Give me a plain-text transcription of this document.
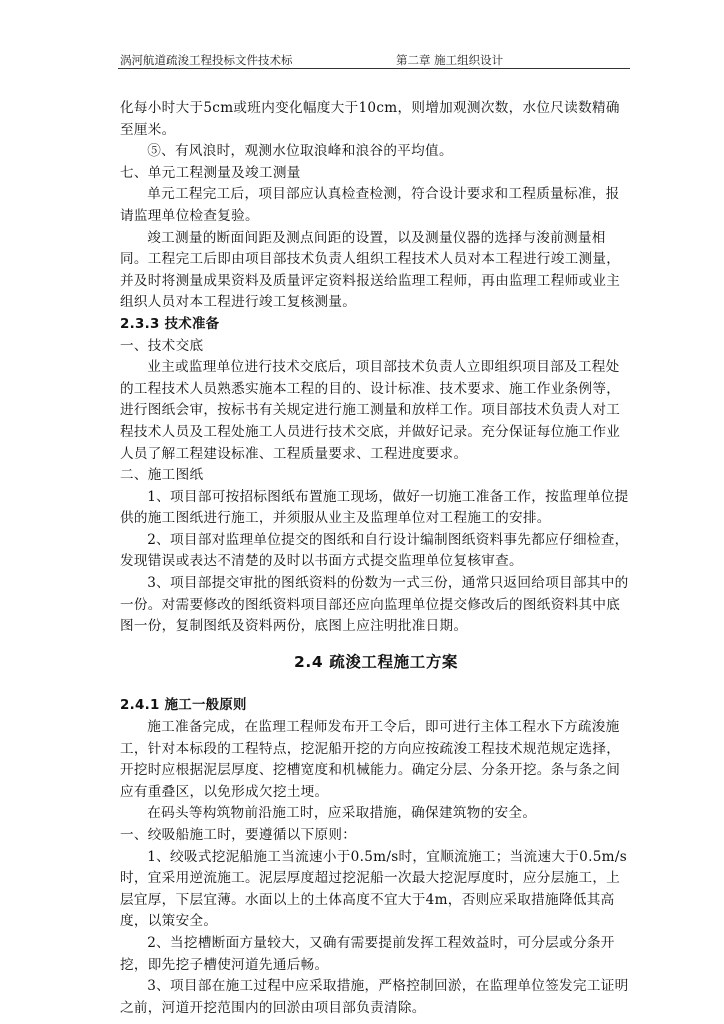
涡河航道疏浚工程投标文件技术标	第二章 施工组织设计

化每小时大于5cm或班内变化幅度大于10cm，则增加观测次数，水位尺读数精确至厘米。

⑤、有风浪时，观测水位取浪峰和浪谷的平均值。

七、单元工程测量及竣工测量

单元工程完工后，项目部应认真检查检测，符合设计要求和工程质量标准，报请监理单位检查复验。

竣工测量的断面间距及测点间距的设置，以及测量仪器的选择与浚前测量相同。工程完工后即由项目部技术负责人组织工程技术人员对本工程进行竣工测量，并及时将测量成果资料及质量评定资料报送给监理工程师，再由监理工程师或业主组织人员对本工程进行竣工复核测量。

2.3.3 技术准备

一、技术交底

业主或监理单位进行技术交底后，项目部技术负责人立即组织项目部及工程处的工程技术人员熟悉实施本工程的目的、设计标准、技术要求、施工作业条例等，进行图纸会审，按标书有关规定进行施工测量和放样工作。项目部技术负责人对工程技术人员及工程处施工人员进行技术交底，并做好记录。充分保证每位施工作业人员了解工程建设标准、工程质量要求、工程进度要求。

二、施工图纸

1、项目部可按招标图纸布置施工现场，做好一切施工准备工作，按监理单位提供的施工图纸进行施工，并须服从业主及监理单位对工程施工的安排。

2、项目部对监理单位提交的图纸和自行设计编制图纸资料事先都应仔细检查，发现错误或表达不清楚的及时以书面方式提交监理单位复核审查。

3、项目部提交审批的图纸资料的份数为一式三份，通常只返回给项目部其中的一份。对需要修改的图纸资料项目部还应向监理单位提交修改后的图纸资料其中底图一份，复制图纸及资料两份，底图上应注明批准日期。

2.4 疏浚工程施工方案

2.4.1 施工一般原则

施工准备完成，在监理工程师发布开工令后，即可进行主体工程水下方疏浚施工，针对本标段的工程特点，挖泥船开挖的方向应按疏浚工程技术规范规定选择，开挖时应根据泥层厚度、挖槽宽度和机械能力。确定分层、分条开挖。条与条之间应有重叠区，以免形成欠挖土埂。

在码头等构筑物前沿施工时，应采取措施，确保建筑物的安全。

一、绞吸船施工时，要遵循以下原则：

1、绞吸式挖泥船施工当流速小于0.5m/s时，宜顺流施工；当流速大于0.5m/s时，宜采用逆流施工。泥层厚度超过挖泥船一次最大挖泥厚度时，应分层施工，上层宜厚，下层宜薄。水面以上的土体高度不宜大于4m，否则应采取措施降低其高度，以策安全。

2、当挖槽断面方量较大，又确有需要提前发挥工程效益时，可分层或分条开挖，即先挖子槽使河道先通后畅。

3、项目部在施工过程中应采取措施，严格控制回淤，在监理单位签发完工证明之前，河道开挖范围内的回淤由项目部负责清除。
